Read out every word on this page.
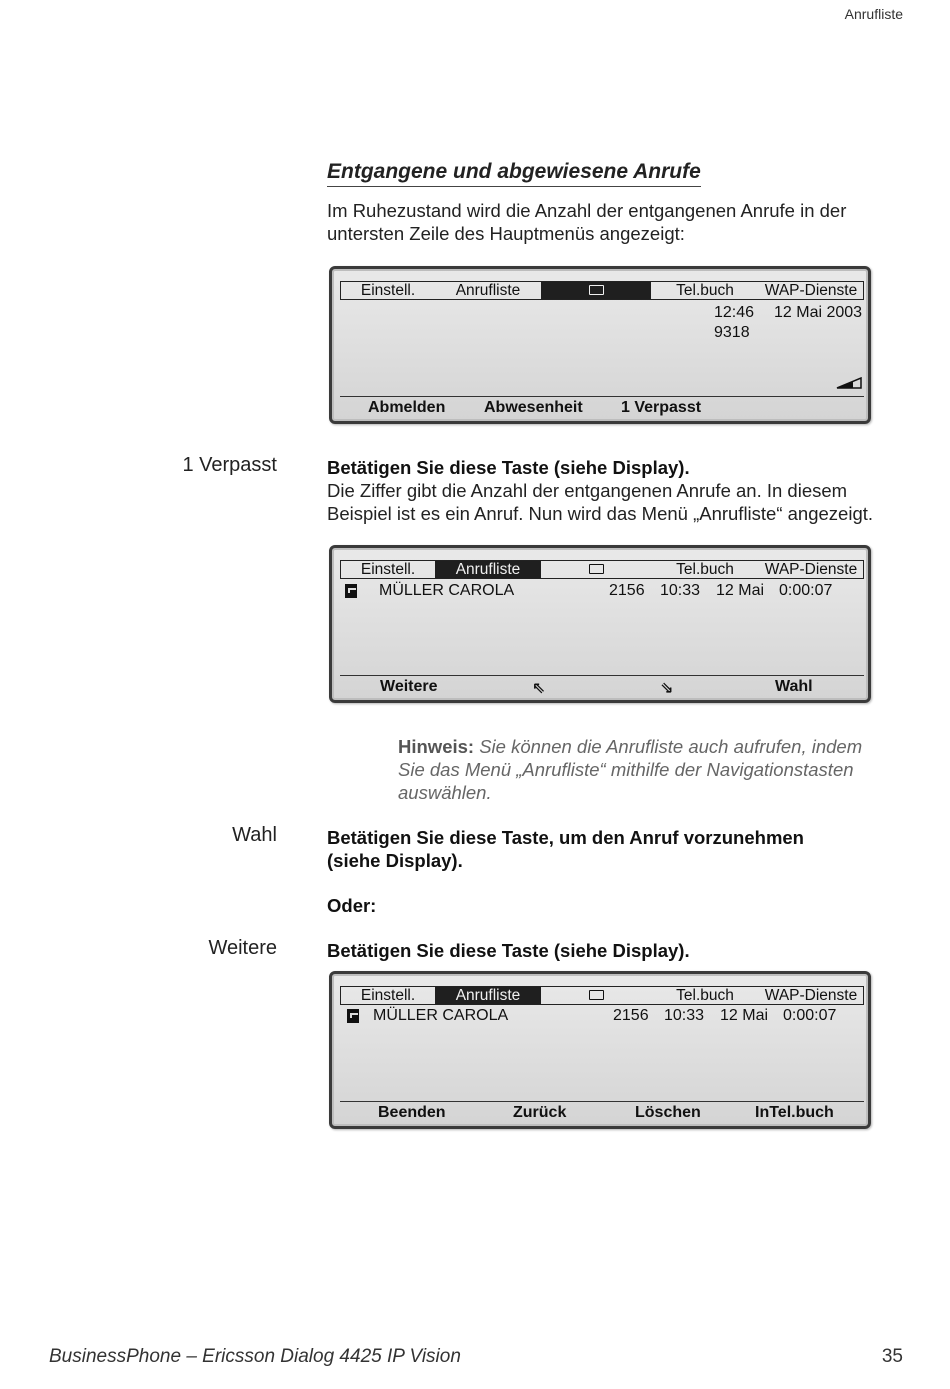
Anrufliste
Entgangene und abgewiesene Anrufe
Im Ruhezustand wird die Anzahl der entgangenen Anrufe in der
untersten Zeile des Hauptmenüs angezeigt:
Einstell.	Anrufliste	Tel.buch	WAP-Dienste
12:46 12 Mai 2003
9318
Abmelden Abwesenheit 1 Verpasst
1 Verpasst	Betätigen Sie diese Taste (siehe Display).
Die Ziffer gibt die Anzahl der entgangenen Anrufe an. In diesem
Beispiel ist es ein Anruf. Nun wird das Menü „Anrufliste“ angezeigt.
Einstell.	Anrufliste	Tel.buch	WAP-Dienste
MÜLLER CAROLA	2156 10:33 12 Mai 0:00:07
Weitere	⇖	⇘	Wahl
Hinweis: Sie können die Anrufliste auch aufrufen, indem
Sie das Menü „Anrufliste“ mithilfe der Navigationstasten
auswählen.
Wahl	Betätigen Sie diese Taste, um den Anruf vorzunehmen
(siehe Display).
Oder:
Weitere	Betätigen Sie diese Taste (siehe Display).
Einstell.	Anrufliste	Tel.buch	WAP-Dienste
MÜLLER CAROLA	2156 10:33 12 Mai 0:00:07
Beenden	Zurück	Löschen	InTel.buch
BusinessPhone – Ericsson Dialog 4425 IP Vision	35
